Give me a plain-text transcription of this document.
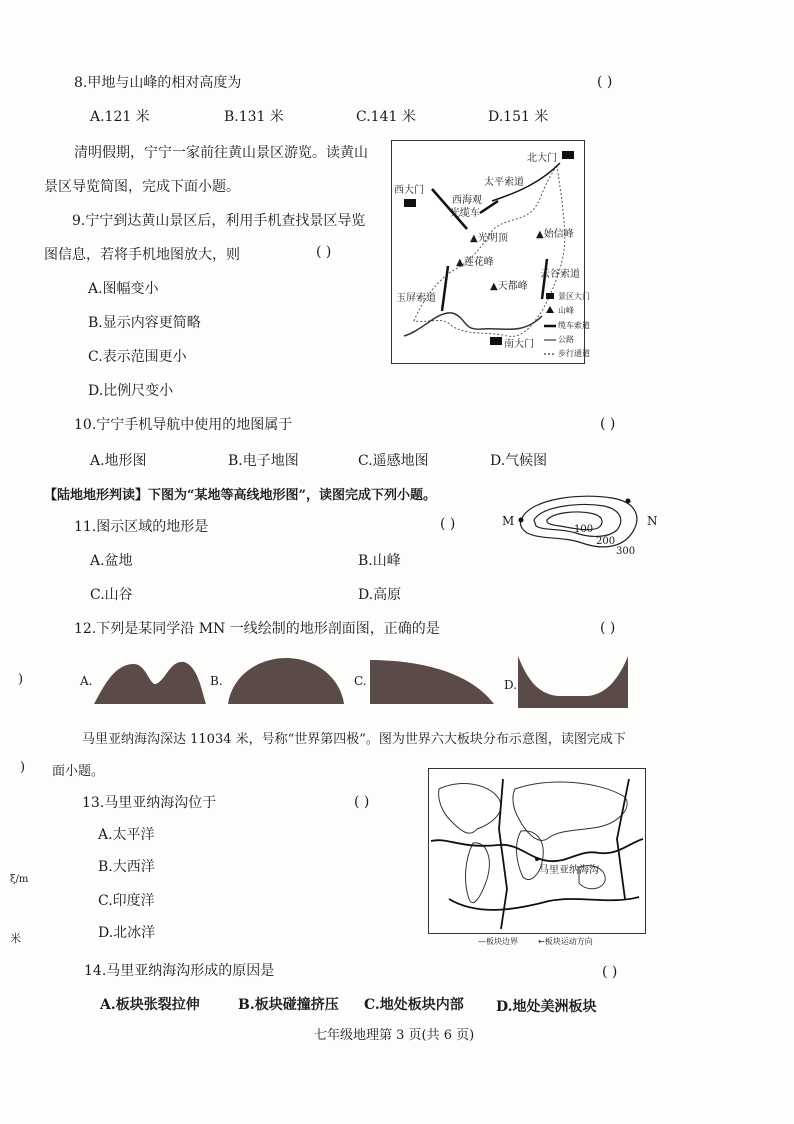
8.甲地与山峰的相对高度为	( )
A.121 米	B.131 米	C.141 米	D.151 米
清明假期，宁宁一家前往黄山景区游览。读黄山
景区导览简图，完成下面小题。
9.宁宁到达黄山景区后，利用手机查找景区导览
图信息，若将手机地图放大，则	( )
A.图幅变小
B.显示内容更简略
C.表示范围更小
D.比例尺变小
北大门
西大门
太平索道
西海观
光缆车
▲光明顶	▲始信峰
▲莲花峰
云谷索道
玉屏索道
▲天都峰
南大门
景区大门
山峰
缆车索道
公路
步行通道
10.宁宁手机导航中使用的地图属于	( )
A.地形图	B.电子地图	C.遥感地图	D.气候图
【陆地地形判读】下图为“某地等高线地形图”，读图完成下列小题。
M	N
100
200
300
11.图示区域的地形是	( )
A.盆地	B.山峰
C.山谷	D.高原
12.下列是某同学沿 MN 一线绘制的地形剖面图，正确的是	( )
A.	B.	C.	D.
马里亚纳海沟深达 11034 米，号称“世界第四极”。图为世界六大板块分布示意图，读图完成下
面小题。
13.马里亚纳海沟位于	( )
A.太平洋
B.大西洋
C.印度洋
D.北冰洋
马里亚纳海沟
—板块边界	←板块运动方向
14.马里亚纳海沟形成的原因是	( )
A.板块张裂拉伸	B.板块碰撞挤压 C.地处板块内部 D.地处美洲板块
七年级地理第 3 页(共 6 页)
)
)
ξ/m
米
